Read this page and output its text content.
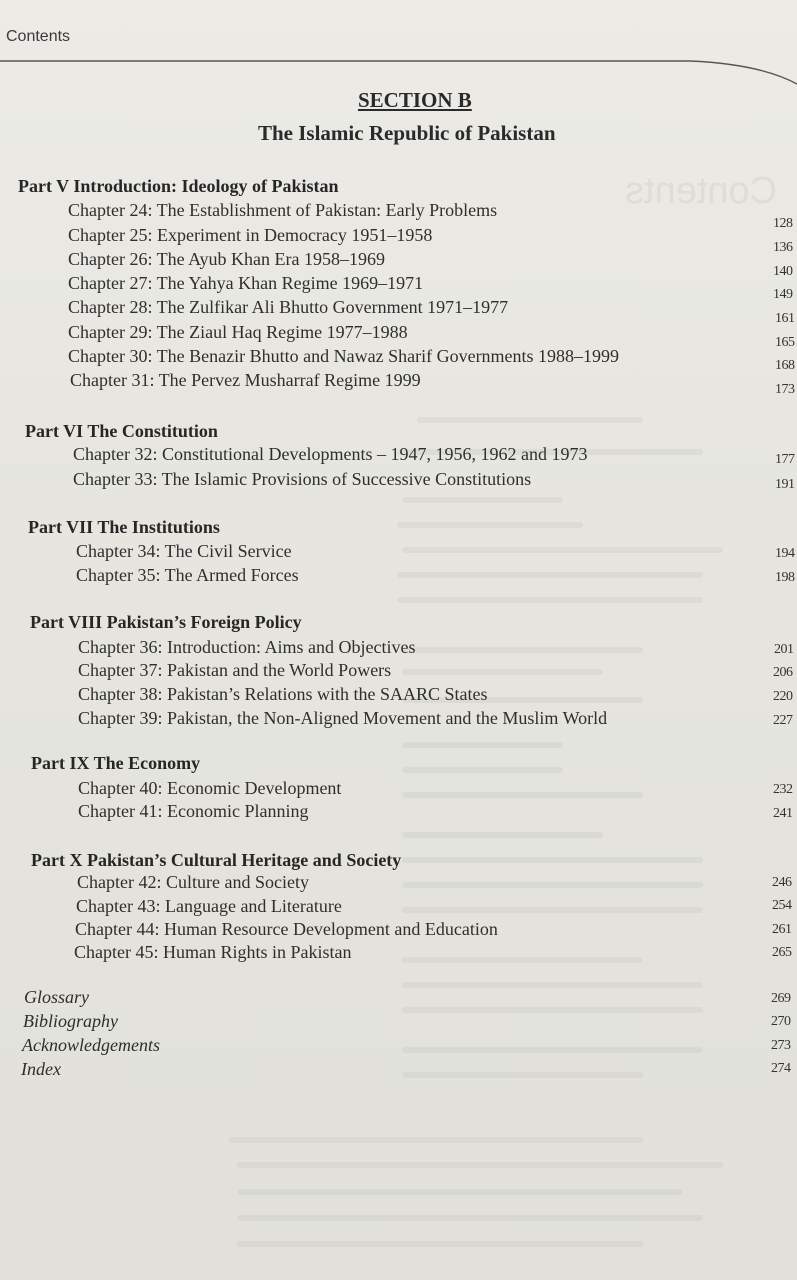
Contents
Contents
SECTION B
The Islamic Republic of Pakistan
Part V Introduction: Ideology of Pakistan
Chapter 24: The Establishment of Pakistan: Early Problems
Chapter 25: Experiment in Democracy 1951–1958
Chapter 26: The Ayub Khan Era 1958–1969
Chapter 27: The Yahya Khan Regime 1969–1971
Chapter 28: The Zulfikar Ali Bhutto Government 1971–1977
Chapter 29: The Ziaul Haq Regime 1977–1988
Chapter 30: The Benazir Bhutto and Nawaz Sharif Governments 1988–1999
Chapter 31: The Pervez Musharraf Regime 1999
128
136
140
149
161
165
168
173
Part VI The Constitution
Chapter 32: Constitutional Developments – 1947, 1956, 1962 and 1973
Chapter 33: The Islamic Provisions of Successive Constitutions
177
191
Part VII The Institutions
Chapter 34: The Civil Service
Chapter 35: The Armed Forces
194
198
Part VIII Pakistan’s Foreign Policy
Chapter 36: Introduction: Aims and Objectives
Chapter 37: Pakistan and the World Powers
Chapter 38: Pakistan’s Relations with the SAARC States
Chapter 39: Pakistan, the Non-Aligned Movement and the Muslim World
201
206
220
227
Part IX The Economy
Chapter 40: Economic Development
Chapter 41: Economic Planning
232
241
Part X Pakistan’s Cultural Heritage and Society
Chapter 42: Culture and Society
Chapter 43: Language and Literature
Chapter 44: Human Resource Development and Education
Chapter 45: Human Rights in Pakistan
246
254
261
265
Glossary
Bibliography
Acknowledgements
Index
269
270
273
274
